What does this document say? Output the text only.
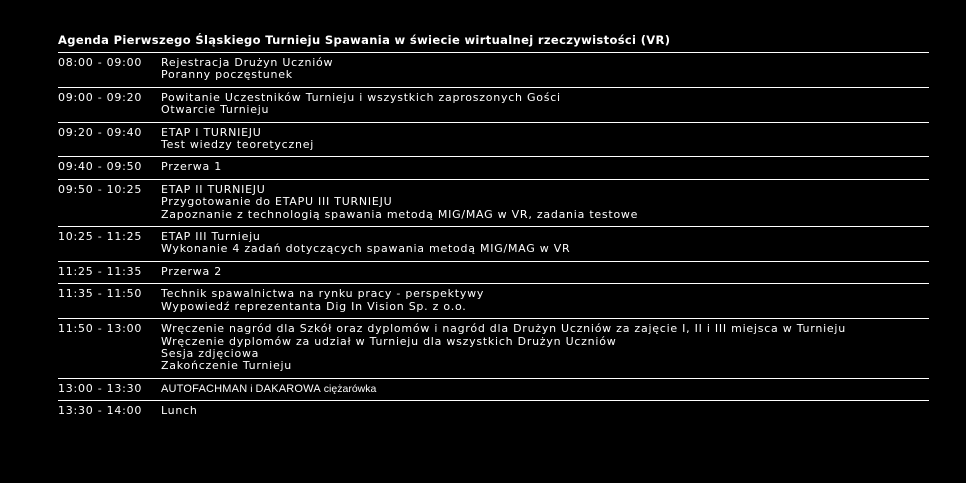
Agenda Pierwszego Śląskiego Turnieju Spawania w świecie wirtualnej rzeczywistości (VR)
08:00 - 09:00	Rejestracja Drużyn Uczniów
Poranny poczęstunek
09:00 - 09:20	Powitanie Uczestników Turnieju i wszystkich zaproszonych Gości
Otwarcie Turnieju
09:20 - 09:40	ETAP I TURNIEJU
Test wiedzy teoretycznej
09:40 - 09:50	Przerwa 1
09:50 - 10:25	ETAP II TURNIEJU
Przygotowanie do ETAPU III TURNIEJU
Zapoznanie z technologią spawania metodą MIG/MAG w VR, zadania testowe
10:25 - 11:25	ETAP III Turnieju
Wykonanie 4 zadań dotyczących spawania metodą MIG/MAG w VR
11:25 - 11:35	Przerwa 2
11:35 - 11:50	Technik spawalnictwa na rynku pracy - perspektywy
Wypowiedź reprezentanta Dig In Vision Sp. z o.o.
11:50 - 13:00	Wręczenie nagród dla Szkół oraz dyplomów i nagród dla Drużyn Uczniów za zajęcie I, II i III miejsca w Turnieju
Wręczenie dyplomów za udział w Turnieju dla wszystkich Drużyn Uczniów
Sesja zdjęciowa
Zakończenie Turnieju
13:00 - 13:30	AUTOFACHMAN i DAKAROWA ciężarówka
13:30 - 14:00	Lunch
